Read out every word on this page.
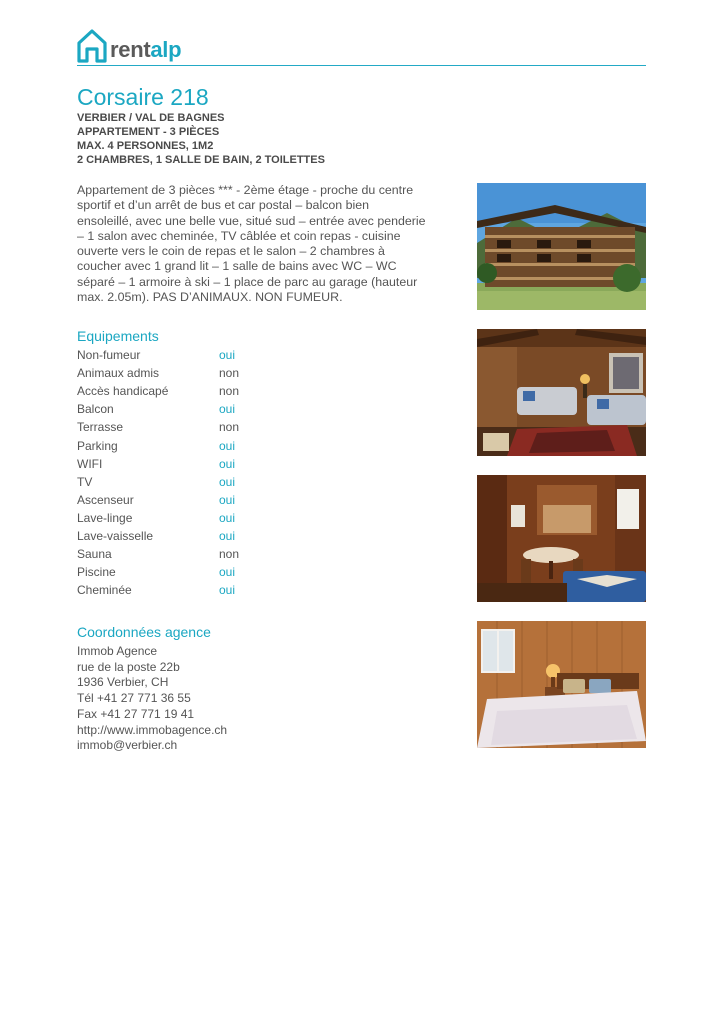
rentalp
Corsaire 218
VERBIER / VAL DE BAGNES
APPARTEMENT - 3 PIÈCES
MAX. 4 PERSONNES, 1M2
2 CHAMBRES, 1 SALLE DE BAIN, 2 TOILETTES

Appartement de 3 pièces *** - 2ème étage - proche du centre sportif et d’un arrêt de bus et car postal – balcon bien ensoleillé, avec une belle vue, situé sud – entrée avec penderie – 1 salon avec cheminée, TV câblée et coin repas - cuisine ouverte vers le coin de repas et le salon – 2 chambres à coucher avec 1 grand lit – 1 salle de bains avec WC – WC séparé – 1 armoire à ski – 1 place de parc au garage (hauteur max. 2.05m). PAS D’ANIMAUX. NON FUMEUR.

Equipements
Non-fumeur	oui
Animaux admis	non
Accès handicapé	non
Balcon	oui
Terrasse	non
Parking	oui
WIFI	oui
TV	oui
Ascenseur	oui
Lave-linge	oui
Lave-vaisselle	oui
Sauna	non
Piscine	oui
Cheminée	oui
Coordonnées agence
Immob Agence
rue de la poste 22b
1936 Verbier, CH
Tél +41 27 771 36 55
Fax +41 27 771 19 41
http://www.immobagence.ch
immob@verbier.ch
